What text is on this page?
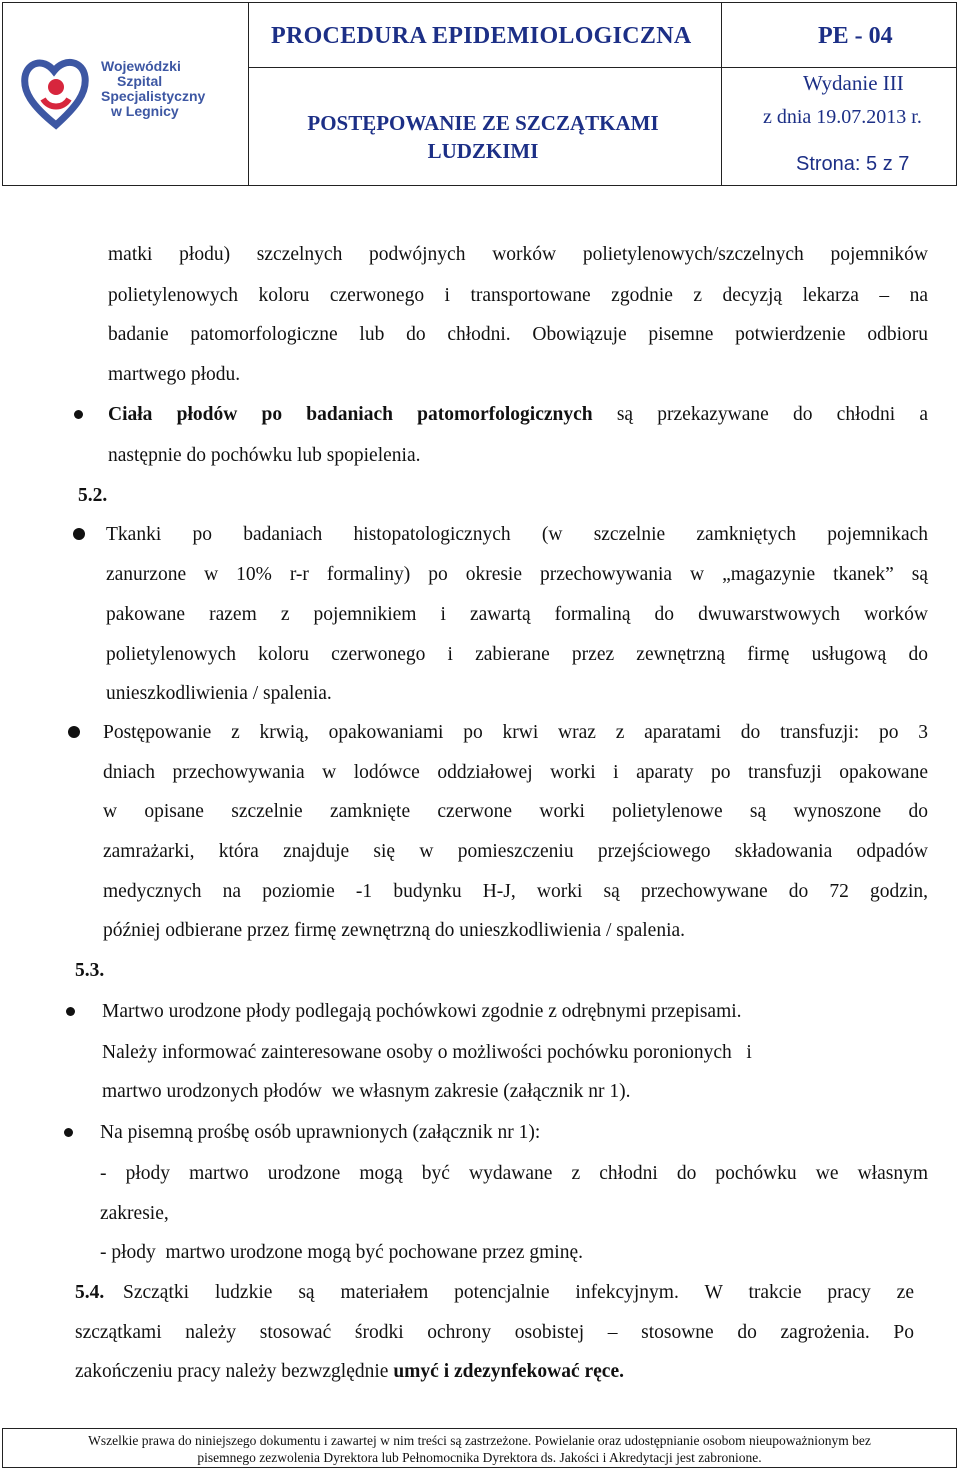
Wojewódzki
Szpital
Specjalistyczny
w Legnicy
PROCEDURA EPIDEMIOLOGICZNA	PE - 04
POSTĘPOWANIE ZE SZCZĄTKAMI LUDZKIMI
Wydanie III
z dnia 19.07.2013 r.
Strona: 5 z 7
matki płodu) szczelnych podwójnych worków polietylenowych/szczelnych pojemników
polietylenowych koloru czerwonego i transportowane zgodnie z decyzją lekarza – na
badanie patomorfologiczne lub do chłodni. Obowiązuje pisemne potwierdzenie odbioru
martwego płodu.
Ciała płodów po badaniach patomorfologicznych są przekazywane do chłodni a
następnie do pochówku lub spopielenia.
5.2.
Tkanki po badaniach histopatologicznych (w szczelnie zamkniętych pojemnikach
zanurzone w 10% r-r formaliny) po okresie przechowywania w „magazynie tkanek” są
pakowane razem z pojemnikiem i zawartą formaliną do dwuwarstwowych worków
polietylenowych koloru czerwonego i zabierane przez zewnętrzną firmę usługową do
unieszkodliwienia / spalenia.
Postępowanie z krwią, opakowaniami po krwi wraz z aparatami do transfuzji: po 3
dniach przechowywania w lodówce oddziałowej worki i aparaty po transfuzji opakowane
w opisane szczelnie zamknięte czerwone worki polietylenowe są wynoszone do
zamrażarki, która znajduje się w pomieszczeniu przejściowego składowania odpadów
medycznych na poziomie -1 budynku H-J, worki są przechowywane do 72 godzin,
później odbierane przez firmę zewnętrzną do unieszkodliwienia / spalenia.
5.3.
Martwo urodzone płody podlegają pochówkowi zgodnie z odrębnymi przepisami.
Należy informować zainteresowane osoby o możliwości pochówku poronionych   i
martwo urodzonych płodów  we własnym zakresie (załącznik nr 1).
Na pisemną prośbę osób uprawnionych (załącznik nr 1):
- płody martwo urodzone mogą być wydawane z chłodni do pochówku we własnym
zakresie,
- płody  martwo urodzone mogą być pochowane przez gminę.
5.4. Szczątki ludzkie są materiałem potencjalnie infekcyjnym. W trakcie pracy ze
szczątkami należy stosować środki ochrony osobistej – stosowne do zagrożenia. Po
zakończeniu pracy należy bezwzględnie umyć i zdezynfekować ręce.
Wszelkie prawa do niniejszego dokumentu i zawartej w nim treści są zastrzeżone. Powielanie oraz udostępnianie osobom nieupoważnionym bez
pisemnego zezwolenia Dyrektora lub Pełnomocnika Dyrektora ds. Jakości i Akredytacji jest zabronione.
